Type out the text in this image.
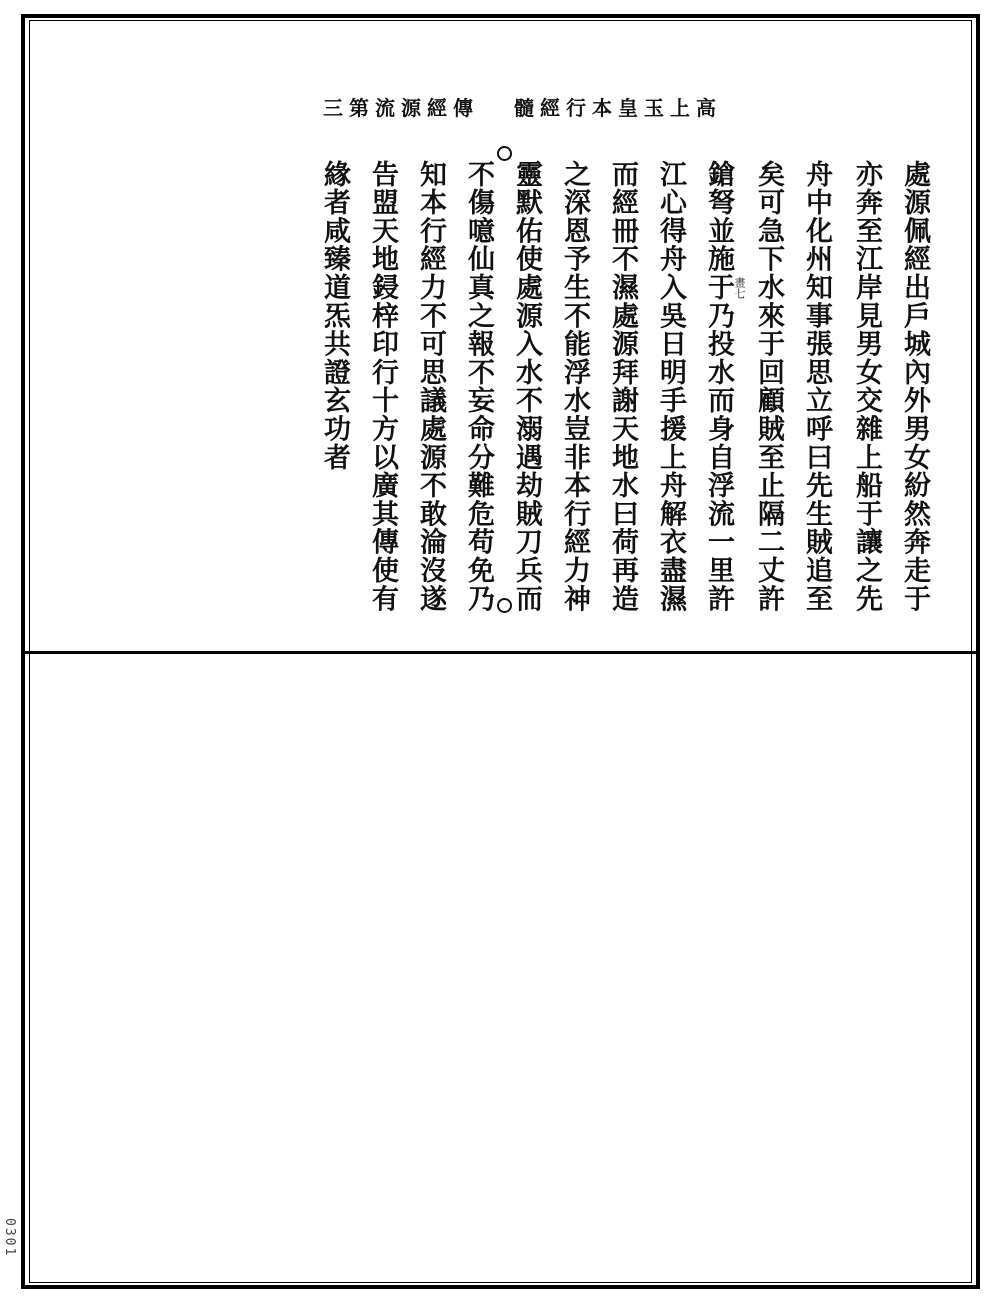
三第流源經傳 髓經行本皇玉上高
處源佩經出戶城內外男女紛然奔走于
亦奔至江岸見男女交雜上船于讓之先
舟中化州知事張思立呼曰先生賊追至
矣可急下水來于回顧賊至止隔二丈許
鎗弩並施于乃投水而身自浮流一里許
江心得舟入吳日明手援上舟解衣盡濕
而經冊不濕處源拜謝天地水曰荷再造
之深恩予生不能浮水豈非本行經力神
靈默佑使處源入水不溺遇劫賊刀兵而
不傷噫仙真之報不妄命分難危苟免乃
知本行經力不可思議處源不敢淪沒遂
告盟天地鋟梓印行十方以廣其傳使有
緣者咸臻道炁共證玄功者	畫七
0301
